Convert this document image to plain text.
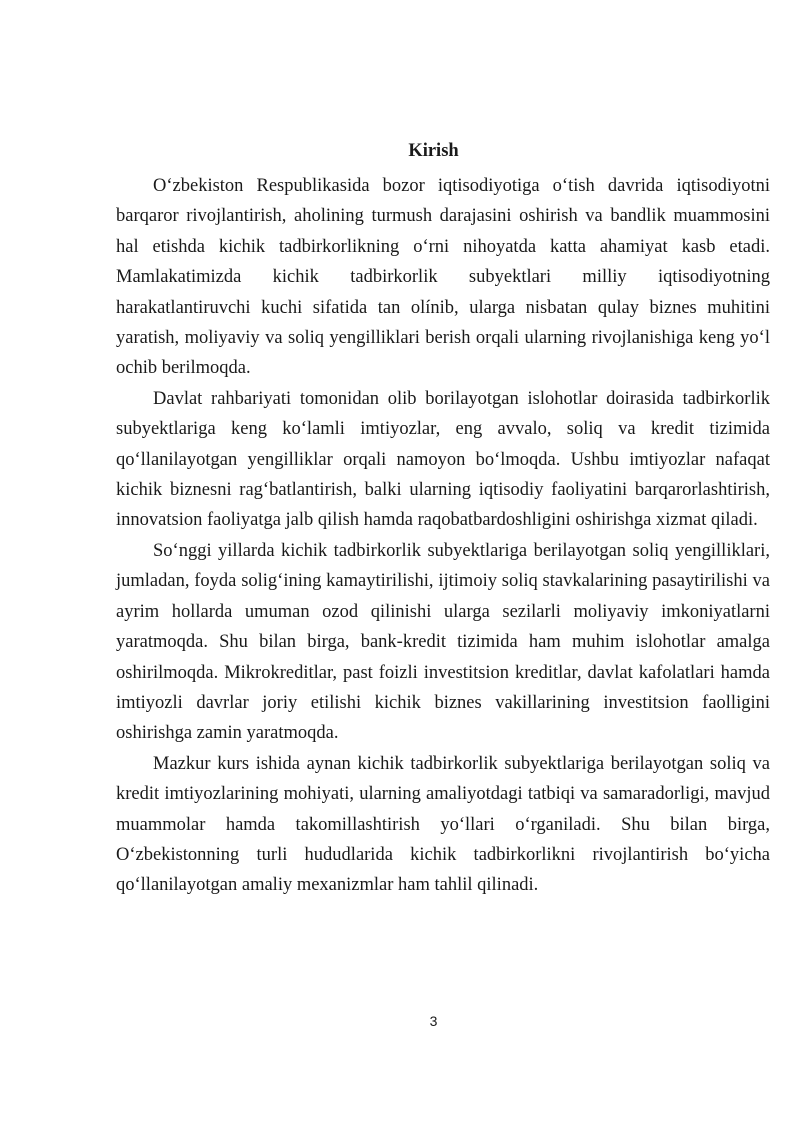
Kirish

O‘zbekiston Respublikasida bozor iqtisodiyotiga o‘tish davrida iqtisodiyotni barqaror rivojlantirish, aholining turmush darajasini oshirish va bandlik muammosini hal etishda kichik tadbirkorlikning o‘rni nihoyatda katta ahamiyat kasb etadi. Mamlakatimizda kichik tadbirkorlik subyektlari milliy iqtisodiyotning harakatlantiruvchi kuchi sifatida tan olínib, ularga nisbatan qulay biznes muhitini yaratish, moliyaviy va soliq yengilliklari berish orqali ularning rivojlanishiga keng yo‘l ochib berilmoqda.

Davlat rahbariyati tomonidan olib borilayotgan islohotlar doirasida tadbirkorlik subyektlariga keng ko‘lamli imtiyozlar, eng avvalo, soliq va kredit tizimida qo‘llanilayotgan yengilliklar orqali namoyon bo‘lmoqda. Ushbu imtiyozlar nafaqat kichik biznesni rag‘batlantirish, balki ularning iqtisodiy faoliyatini barqarorlashtirish, innovatsion faoliyatga jalb qilish hamda raqobatbardoshligini oshirishga xizmat qiladi.

So‘nggi yillarda kichik tadbirkorlik subyektlariga berilayotgan soliq yengilliklari, jumladan, foyda solig‘ining kamaytirilishi, ijtimoiy soliq stavkalarining pasaytirilishi va ayrim hollarda umuman ozod qilinishi ularga sezilarli moliyaviy imkoniyatlarni yaratmoqda. Shu bilan birga, bank-kredit tizimida ham muhim islohotlar amalga oshirilmoqda. Mikrokreditlar, past foizli investitsion kreditlar, davlat kafolatlari hamda imtiyozli davrlar joriy etilishi kichik biznes vakillarining investitsion faolligini oshirishga zamin yaratmoqda.

Mazkur kurs ishida aynan kichik tadbirkorlik subyektlariga berilayotgan soliq va kredit imtiyozlarining mohiyati, ularning amaliyotdagi tatbiqi va samaradorligi, mavjud muammolar hamda takomillashtirish yo‘llari o‘rganiladi. Shu bilan birga, O‘zbekistonning turli hududlarida kichik tadbirkorlikni rivojlantirish bo‘yicha qo‘llanilayotgan amaliy mexanizmlar ham tahlil qilinadi.

3
